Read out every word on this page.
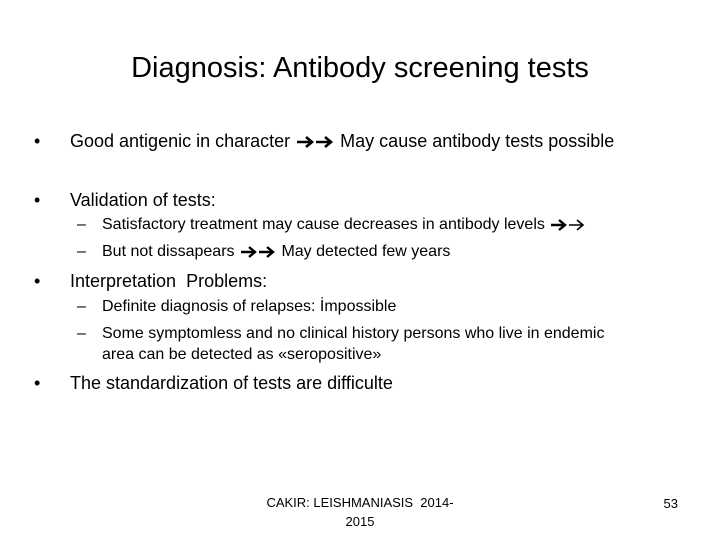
Diagnosis: Antibody screening tests
• Good antigenic in character	May cause antibody tests possible
• Validation of tests:
– Satisfactory treatment may cause decreases in antibody levels
– But not dissapears	May detected few years
• Interpretation  Problems:
– Definite diagnosis of relapses: İmpossible
– Some symptomless and no clinical history persons who live in endemic
area can be detected as «seropositive»
• The standardization of tests are difficulte
CAKIR: LEISHMANIASIS  2014-
2015
53
